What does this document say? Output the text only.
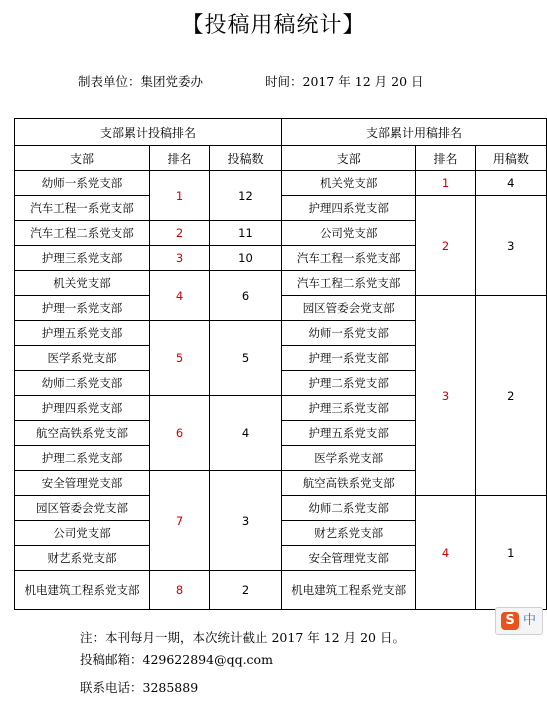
【投稿用稿统计】
制表单位：集团党委办	时间：2017 年 12 月 20 日
支部累计投稿排名		
支部	排名	投稿数
幼师一系党支部	1	12
汽车工程一系党支部		
汽车工程二系党支部	2	11
护理三系党支部	3	10
机关党支部	4	6
护理一系党支部		
护理五系党支部	5	5
医学系党支部		
幼师二系党支部		
护理四系党支部	6	4
航空高铁系党支部		
护理二系党支部		
安全管理党支部	7	3
园区管委会党支部		
公司党支部		
财艺系党支部		
机电建筑工程系党支部	8	2
支部累计用稿排名		
支部	排名	用稿数
机关党支部	1	4
护理四系党支部	2	3
公司党支部		
汽车工程一系党支部		
汽车工程二系党支部		
园区管委会党支部	3	2
幼师一系党支部		
护理一系党支部		
护理二系党支部		
护理三系党支部		
护理五系党支部		
医学系党支部		
航空高铁系党支部		
幼师二系党支部	4	1
财艺系党支部		
安全管理党支部		
机电建筑工程系党支部		
注：本刊每月一期，本次统计截止 2017 年 12 月 20 日。
投稿邮箱：429622894@qq.com
联系电话：3285889
S 中
